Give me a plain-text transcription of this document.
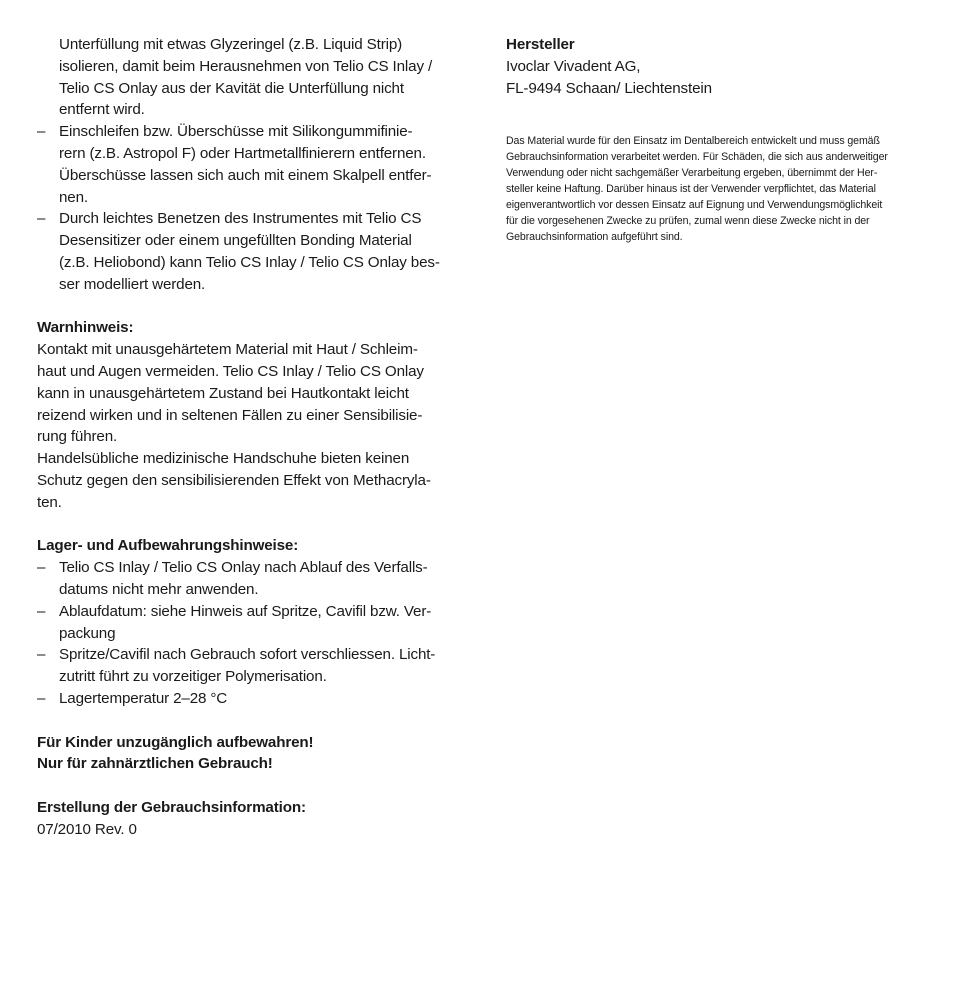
Unterfüllung mit etwas Glyzeringel (z.B. Liquid Strip)
isolieren, damit beim Herausnehmen von Telio CS Inlay /
Telio CS Onlay aus der Kavität die Unterfüllung nicht
entfernt wird.
– Einschleifen bzw. Überschüsse mit Silikongummifinie-
rern (z.B. Astropol F) oder Hartmetallfinierern entfernen.
Überschüsse lassen sich auch mit einem Skalpell entfer-
nen.
– Durch leichtes Benetzen des Instrumentes mit Telio CS
Desensitizer oder einem ungefüllten Bonding Material
(z.B. Heliobond) kann Telio CS Inlay / Telio CS Onlay bes-
ser modelliert werden.
Warnhinweis:
Kontakt mit unausgehärtetem Material mit Haut / Schleim-
haut und Augen vermeiden. Telio CS Inlay / Telio CS Onlay
kann in unausgehärtetem Zustand bei Hautkontakt leicht
reizend wirken und in seltenen Fällen zu einer Sensibilisie-
rung führen.
Handelsübliche medizinische Handschuhe bieten keinen
Schutz gegen den sensibilisierenden Effekt von Methacryla-
ten.
Lager- und Aufbewahrungshinweise:
– Telio CS Inlay / Telio CS Onlay nach Ablauf des Verfalls-
datums nicht mehr anwenden.
– Ablaufdatum: siehe Hinweis auf Spritze, Cavifil bzw. Ver-
packung
– Spritze/Cavifil nach Gebrauch sofort verschliessen. Licht-
zutritt führt zu vorzeitiger Polymerisation.
– Lagertemperatur 2–28 °C
Für Kinder unzugänglich aufbewahren!
Nur für zahnärztlichen Gebrauch!
Erstellung der Gebrauchsinformation:
07/2010 Rev. 0
Hersteller
Ivoclar Vivadent AG,
FL-9494 Schaan/ Liechtenstein
Das Material wurde für den Einsatz im Dentalbereich entwickelt und muss gemäß
Gebrauchsinformation verarbeitet werden. Für Schäden, die sich aus anderweitiger
Verwendung oder nicht sachgemäßer Verarbeitung ergeben, übernimmt der Her-
steller keine Haftung. Darüber hinaus ist der Verwender verpflichtet, das Material
eigenverantwortlich vor dessen Einsatz auf Eignung und Verwendungsmöglichkeit
für die vorgesehenen Zwecke zu prüfen, zumal wenn diese Zwecke nicht in der
Gebrauchsinformation aufgeführt sind.
